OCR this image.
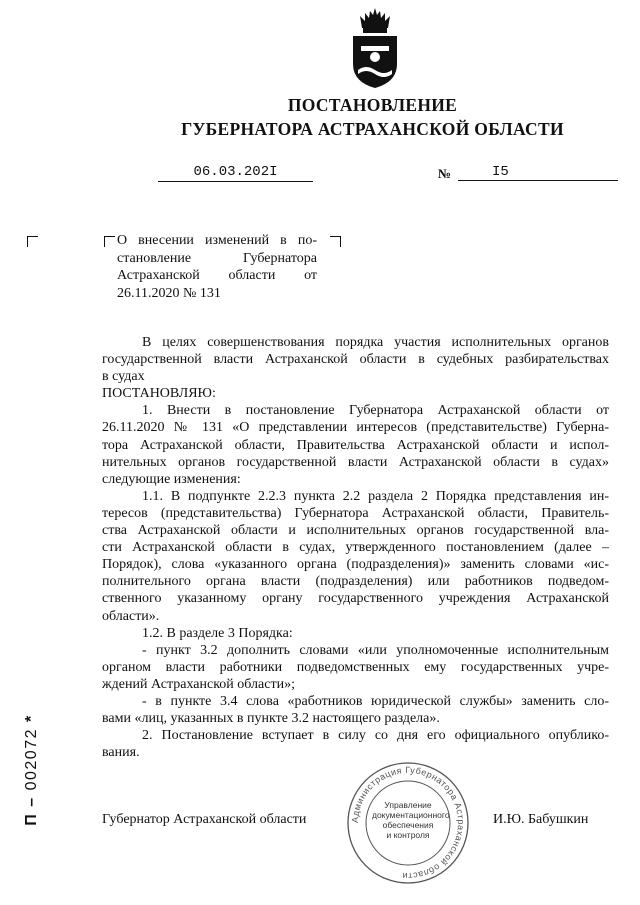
ПОСТАНОВЛЕНИЕ
ГУБЕРНАТОРА АСТРАХАНСКОЙ ОБЛАСТИ
06.03.202I	№	I5
О внесении изменений в по-
становление Губернатора
Астраханской области от
26.11.2020 № 131
В целях совершенствования порядка участия исполнительных органов
государственной власти Астраханской области в судебных разбирательствах
в судах
ПОСТАНОВЛЯЮ:
1. Внести в постановление Губернатора Астраханской области от
26.11.2020 № 131 «О представлении интересов (представительстве) Губерна-
тора Астраханской области, Правительства Астраханской области и испол-
нительных органов государственной власти Астраханской области в судах»
следующие изменения:
1.1. В подпункте 2.2.3 пункта 2.2 раздела 2 Порядка представления ин-
тересов (представительства) Губернатора Астраханской области, Правитель-
ства Астраханской области и исполнительных органов государственной вла-
сти Астраханской области в судах, утвержденного постановлением (далее –
Порядок), слова «указанного органа (подразделения)» заменить словами «ис-
полнительного органа власти (подразделения) или работников подведом-
ственного указанному органу государственного учреждения Астраханской
области».
1.2. В разделе 3 Порядка:
- пункт 3.2 дополнить словами «или уполномоченные исполнительным
органом власти работники подведомственных ему государственных учре-
ждений Астраханской области»;
- в пункте 3.4 слова «работников юридической службы» заменить сло-
вами «лиц, указанных в пункте 3.2 настоящего раздела».
2. Постановление вступает в силу со дня его официального опублико-
вания.
Губернатор Астраханской области	Администрация Губернатора Астраханской области
Управление
документационного
обеспечения
и контроля
И.Ю. Бабушкин
П – 002072 *
